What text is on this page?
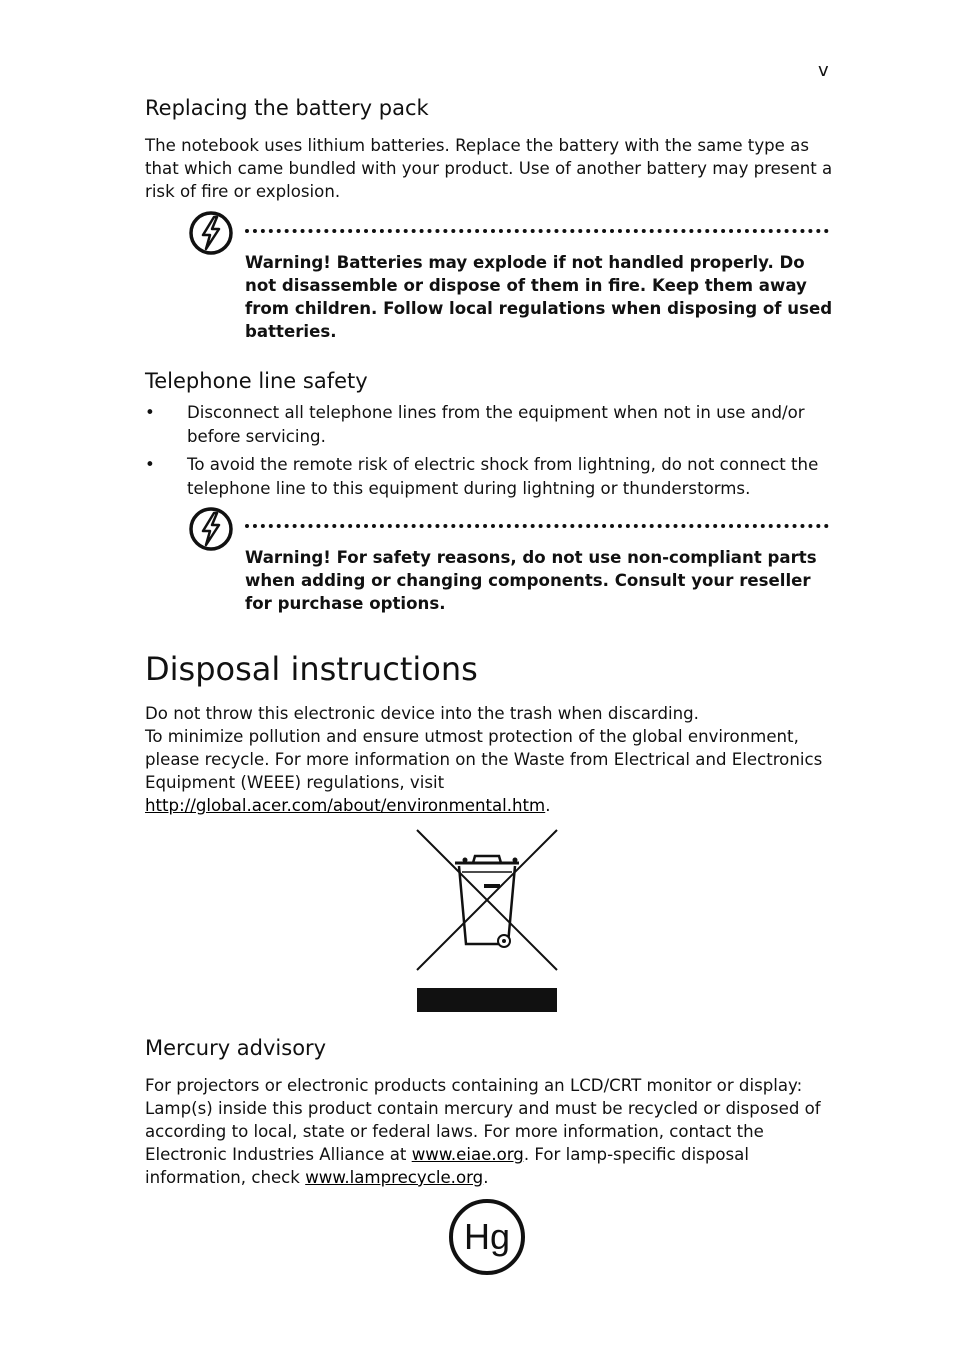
v
Replacing the battery pack

The notebook uses lithium batteries. Replace the battery with the same type as that which came bundled with your product. Use of another battery may present a risk of fire or explosion.

Warning! Batteries may explode if not handled properly. Do not disassemble or dispose of them in fire. Keep them away from children. Follow local regulations when disposing of used batteries.
Telephone line safety
• Disconnect all telephone lines from the equipment when not in use and/or before servicing.
• To avoid the remote risk of electric shock from lightning, do not connect the telephone line to this equipment during lightning or thunderstorms.
Warning! For safety reasons, do not use non-compliant parts when adding or changing components. Consult your reseller for purchase options.
Disposal instructions

Do not throw this electronic device into the trash when discarding.

To minimize pollution and ensure utmost protection of the global environment, please recycle. For more information on the Waste from Electrical and Electronics Equipment (WEEE) regulations, visit

http://global.acer.com/about/environmental.htm.

Mercury advisory

For projectors or electronic products containing an LCD/CRT monitor or display: Lamp(s) inside this product contain mercury and must be recycled or disposed of according to local, state or federal laws. For more information, contact the Electronic Industries Alliance at www.eiae.org. For lamp-specific disposal information, check www.lamprecycle.org.

Hg
